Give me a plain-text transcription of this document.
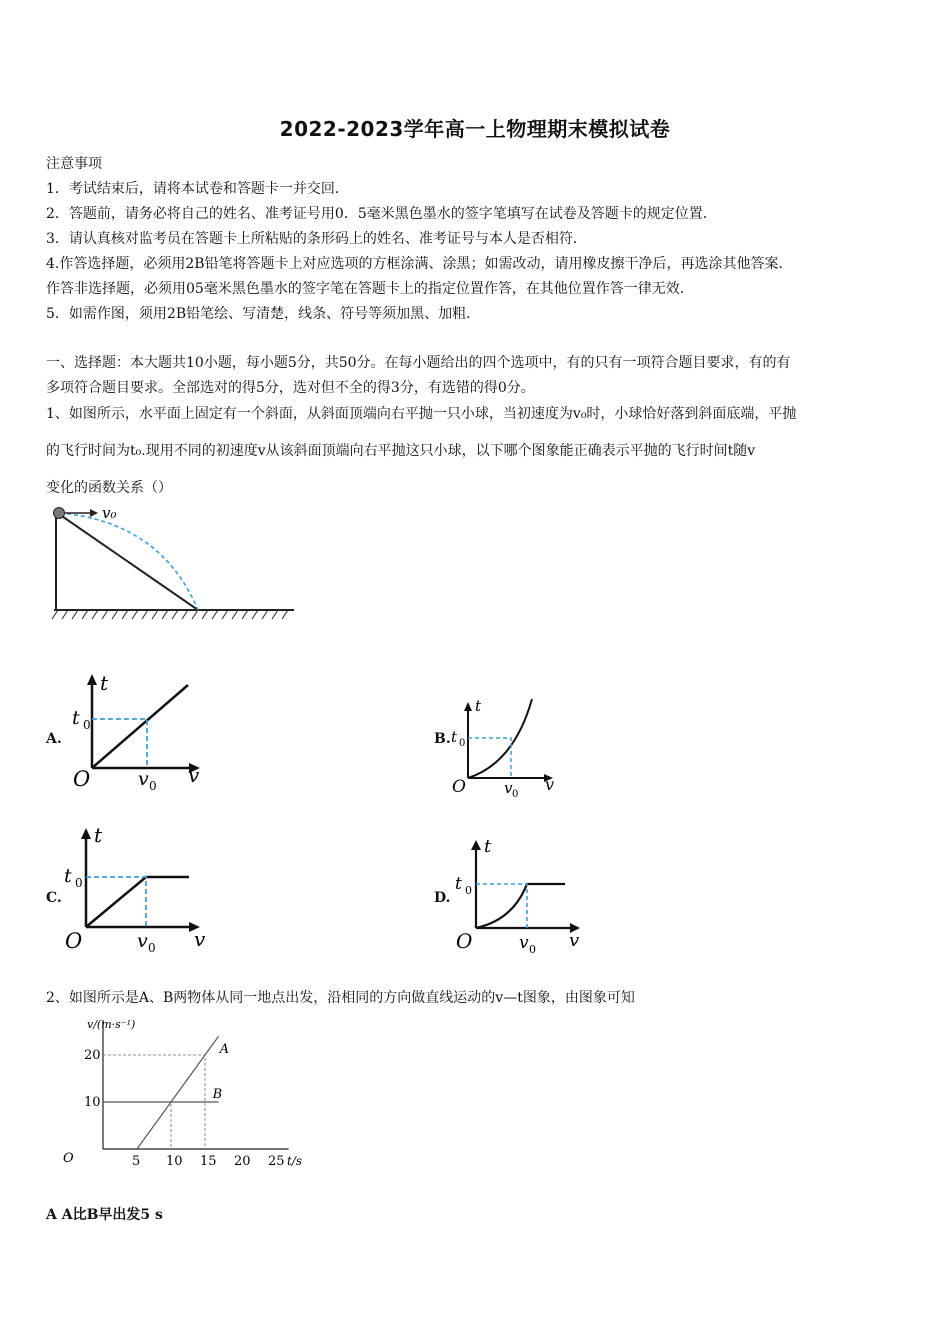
2022-2023学年高一上物理期末模拟试卷
注意事项
1．考试结束后，请将本试卷和答题卡一并交回．
2．答题前，请务必将自己的姓名、准考证号用0．5毫米黑色墨水的签字笔填写在试卷及答题卡的规定位置．
3．请认真核对监考员在答题卡上所粘贴的条形码上的姓名、准考证号与本人是否相符．
4.作答选择题，必须用2B铅笔将答题卡上对应选项的方框涂满、涂黑；如需改动，请用橡皮擦干净后，再选涂其他答案．
作答非选择题，必须用05毫米黑色墨水的签字笔在答题卡上的指定位置作答，在其他位置作答一律无效．
5．如需作图，须用2B铅笔绘、写清楚，线条、符号等须加黑、加粗．
一、选择题：本大题共10小题，每小题5分，共50分。在每小题给出的四个选项中，有的只有一项符合题目要求，有的有
多项符合题目要求。全部选对的得5分，选对但不全的得3分，有选错的得0分。
1、如图所示，水平面上固定有一个斜面，从斜面顶端向右平抛一只小球，当初速度为v₀时，小球恰好落到斜面底端，平抛
的飞行时间为t₀.现用不同的初速度v从该斜面顶端向右平抛这只小球，以下哪个图象能正确表示平抛的飞行时间t随v
变化的函数关系（）
v₀
A.
t
t 0
O	v 0 v
B.
t
t 0
O	v 0
v
C.
t
t 0
O	v 0 v
D.
t
t 0
O	v 0 v
2、如图所示是A、B两物体从同一地点出发，沿相同的方向做直线运动的v—t图象，由图象可知
5 10 15 20 25
10
20	A
B
v/(m·s⁻¹)
t/s
O
A A比B早出发5 s
